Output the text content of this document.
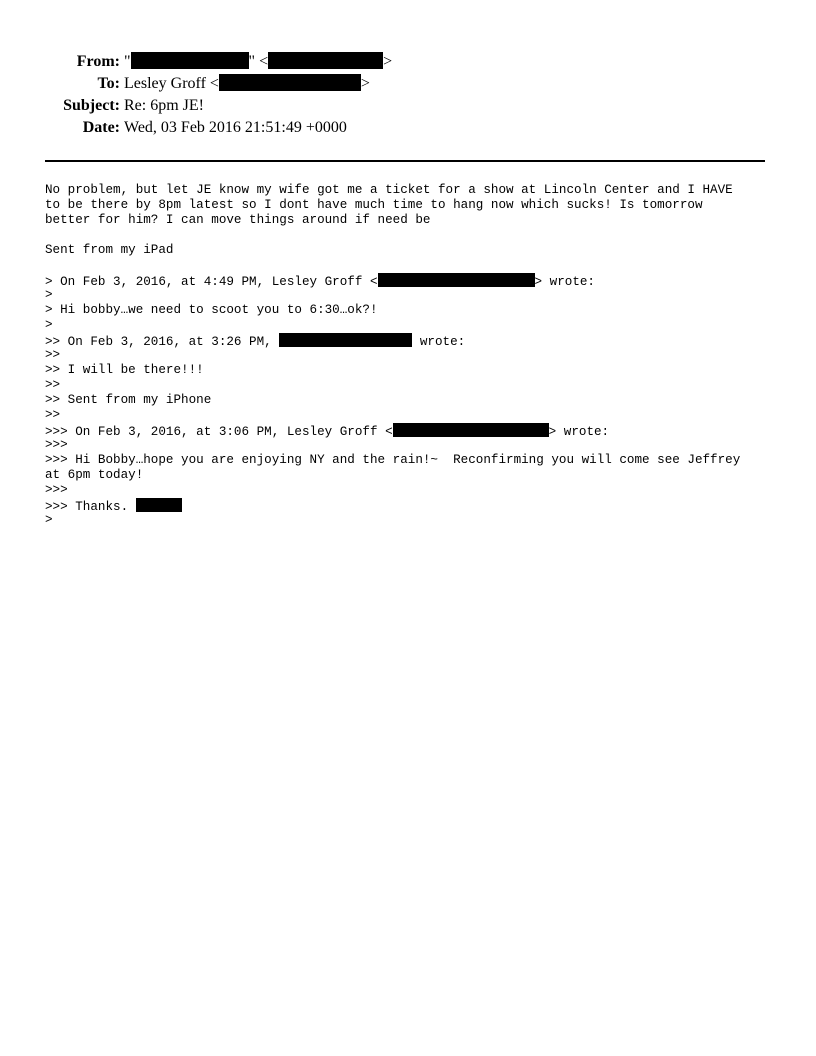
From: "	" <	>
To: Lesley Groff <	>
Subject: Re: 6pm JE!
Date: Wed, 03 Feb 2016 21:51:49 +0000
No problem, but let JE know my wife got me a ticket for a show at Lincoln Center and I HAVE
to be there by 8pm latest so I dont have much time to hang now which sucks! Is tomorrow
better for him? I can move things around if need be
Sent from my iPad
> On Feb 3, 2016, at 4:49 PM, Lesley Groff <	> wrote:
>
> Hi bobby…we need to scoot you to 6:30…ok?!
>
>> On Feb 3, 2016, at 3:26 PM,	wrote:
>>
>> I will be there!!!
>>
>> Sent from my iPhone
>>
>>> On Feb 3, 2016, at 3:06 PM, Lesley Groff <	> wrote:
>>>
>>> Hi Bobby…hope you are enjoying NY and the rain!~  Reconfirming you will come see Jeffrey
at 6pm today!
>>>
>>> Thanks.
>
